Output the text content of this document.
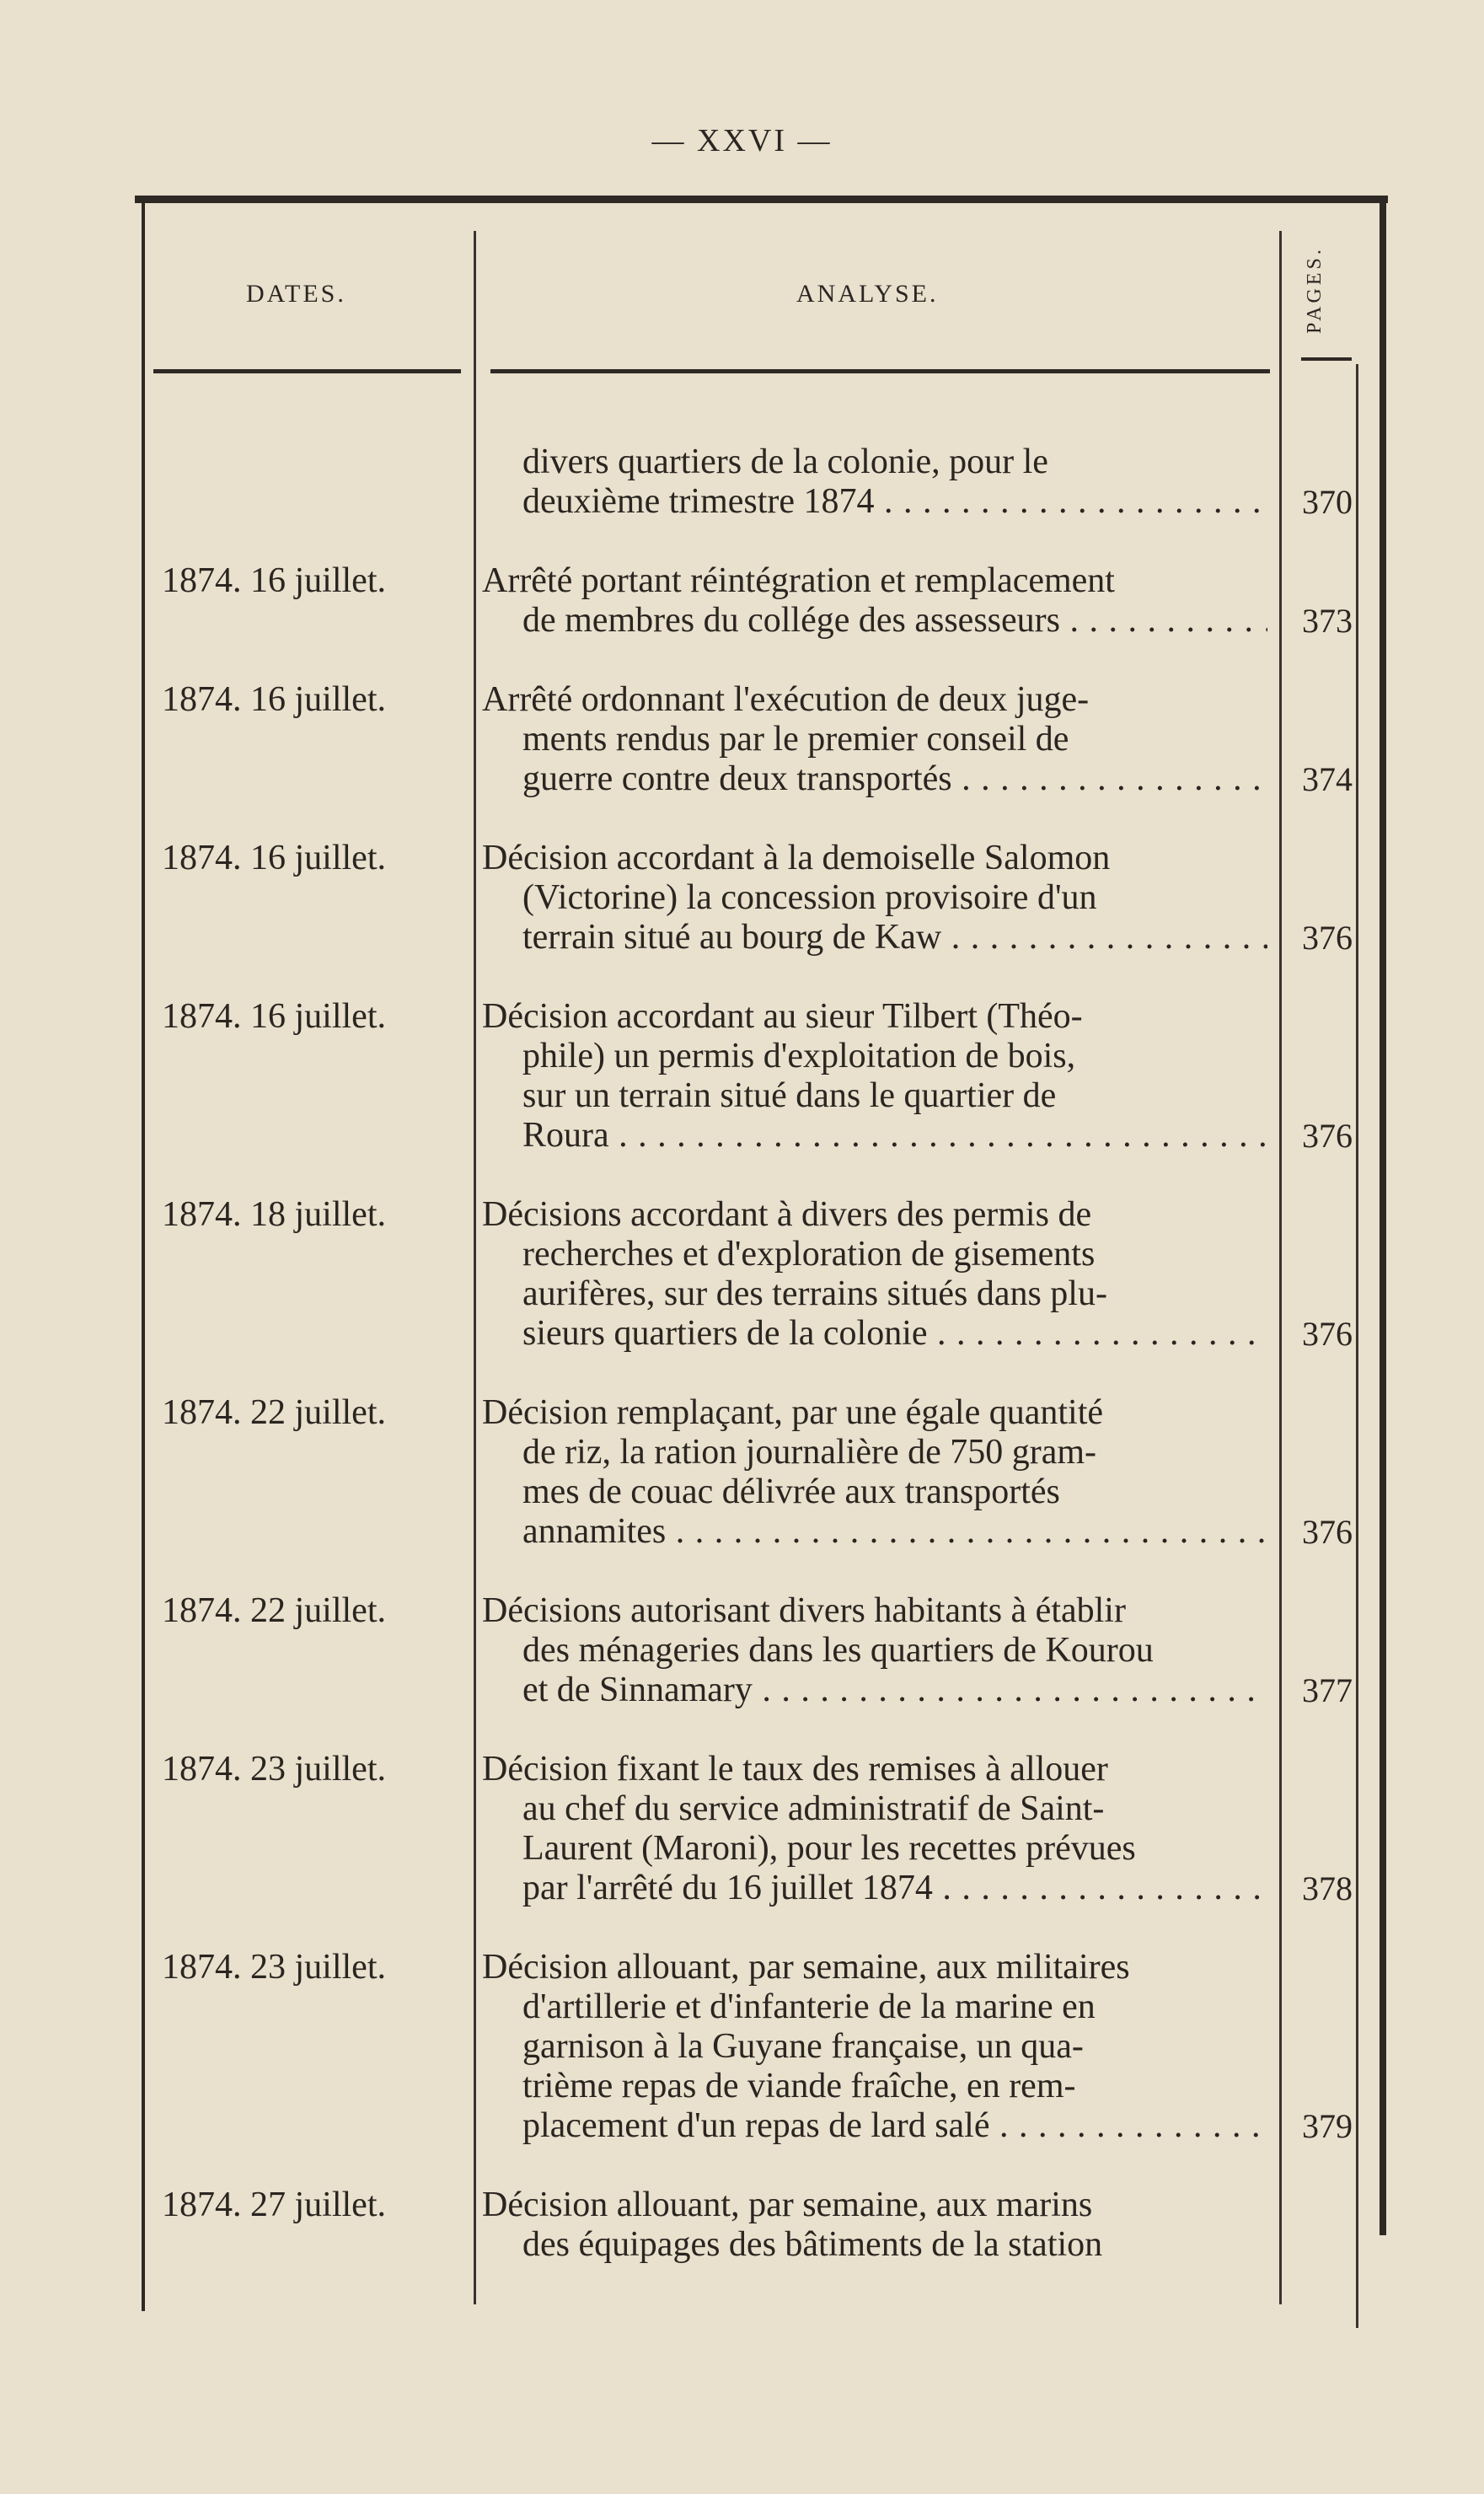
— XXVI —
DATES.	ANALYSE.	PAGES.
divers quartiers de la colonie, pour le
deuxième trimestre 1874 . . .	370
1874. 16 juillet.	Arrêté portant réintégration et remplacement
de membres du collége des assesseurs . . .	373
1874. 16 juillet.	Arrêté ordonnant l'exécution de deux juge-
ments rendus par le premier conseil de
guerre contre deux transportés . . .	374
1874. 16 juillet.	Décision accordant à la demoiselle Salomon
(Victorine) la concession provisoire d'un
terrain situé au bourg de Kaw . . .	376
1874. 16 juillet.	Décision accordant au sieur Tilbert (Théo-
phile) un permis d'exploitation de bois,
sur un terrain situé dans le quartier de
Roura . . .	376
1874. 18 juillet.	Décisions accordant à divers des permis de
recherches et d'exploration de gisements
aurifères, sur des terrains situés dans plu-
sieurs quartiers de la colonie . . .	376
1874. 22 juillet.	Décision remplaçant, par une égale quantité
de riz, la ration journalière de 750 gram-
mes de couac délivrée aux transportés
annamites . . .	376
1874. 22 juillet.	Décisions autorisant divers habitants à établir
des ménageries dans les quartiers de Kourou
et de Sinnamary . . .	377
1874. 23 juillet.	Décision fixant le taux des remises à allouer
au chef du service administratif de Saint-
Laurent (Maroni), pour les recettes prévues
par l'arrêté du 16 juillet 1874 . . .	378
1874. 23 juillet.	Décision allouant, par semaine, aux militaires
d'artillerie et d'infanterie de la marine en
garnison à la Guyane française, un qua-
trième repas de viande fraîche, en rem-
placement d'un repas de lard salé . . .	379
1874. 27 juillet.	Décision allouant, par semaine, aux marins
des équipages des bâtiments de la station
